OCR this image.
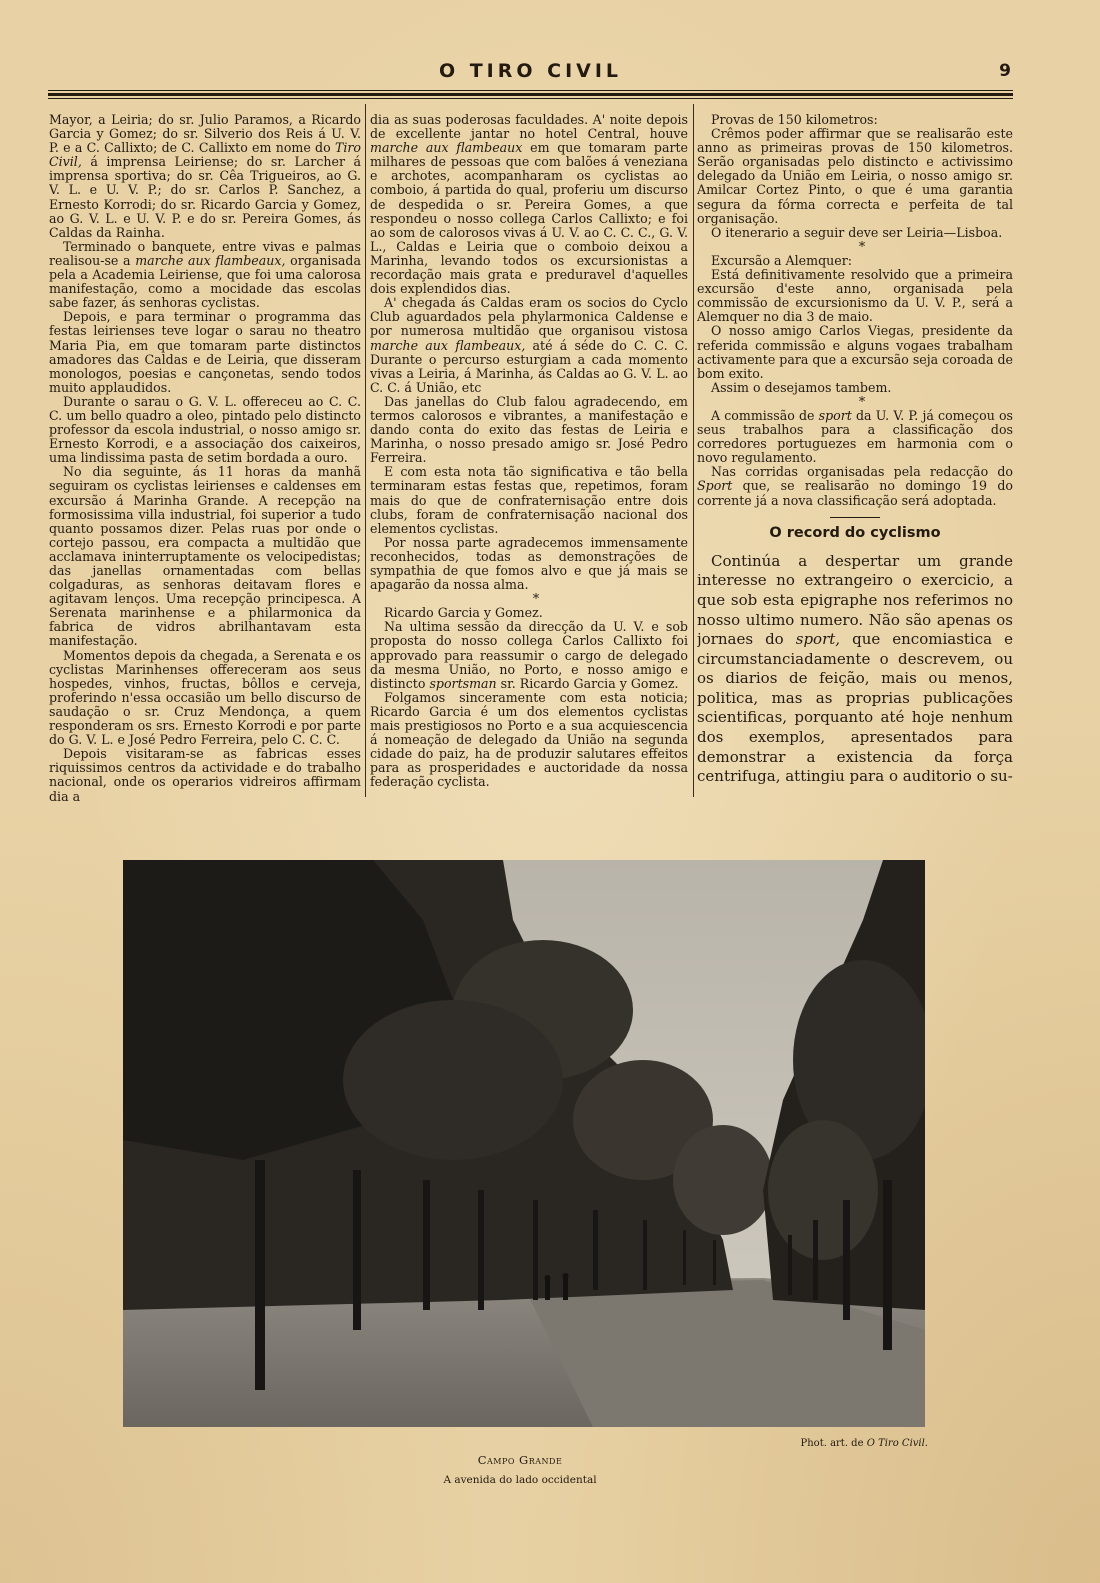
O TIRO CIVIL	9

Mayor, a Leiria; do sr. Julio Paramos, a Ricardo Garcia y Gomez; do sr. Silverio dos Reis á U. V. P. e a C. Callixto; de C. Callixto em nome do Tiro Civil, á imprensa Leiriense; do sr. Larcher á imprensa sportiva; do sr. Cêa Trigueiros, ao G. V. L. e U. V. P.; do sr. Carlos P. Sanchez, a Ernesto Korrodi; do sr. Ricardo Garcia y Gomez, ao G. V. L. e U. V. P. e do sr. Pereira Gomes, ás Caldas da Rainha.

Terminado o banquete, entre vivas e palmas realisou-se a marche aux flambeaux, organisada pela a Academia Leiriense, que foi uma calorosa manifestação, como a mocidade das escolas sabe fazer, ás senhoras cyclistas.

Depois, e para terminar o programma das festas leirienses teve logar o sarau no theatro Maria Pia, em que tomaram parte distinctos amadores das Caldas e de Leiria, que disseram monologos, poesias e cançonetas, sendo todos muito applaudidos.

Durante o sarau o G. V. L. offereceu ao C. C. C. um bello quadro a oleo, pintado pelo distincto professor da escola industrial, o nosso amigo sr. Ernesto Korrodi, e a associação dos caixeiros, uma lindissima pasta de setim bordada a ouro.

No dia seguinte, ás 11 horas da manhã seguiram os cyclistas leirienses e caldenses em excursão á Marinha Grande. A recepção na formosissima villa industrial, foi superior a tudo quanto possamos dizer. Pelas ruas por onde o cortejo passou, era compacta a multidão que acclamava ininterruptamente os velocipedistas; das janellas ornamentadas com bellas colgaduras, as senhoras deitavam flores e agitavam lenços. Uma recepção principesca. A Serenata marinhense e a philarmonica da fabrica de vidros abrilhantavam esta manifestação.

Momentos depois da chegada, a Serenata e os cyclistas Marinhenses offereceram aos seus hospedes, vinhos, fructas, bôllos e cerveja, proferindo n'essa occasião um bello discurso de saudação o sr. Cruz Mendonça, a quem responderam os srs. Ernesto Korrodi e por parte do G. V. L. e José Pedro Ferreira, pelo C. C. C.

Depois visitaram-se as fabricas esses riquissimos centros da actividade e do trabalho nacional, onde os operarios vidreiros affirmam dia a

dia as suas poderosas faculdades. A' noite depois de excellente jantar no hotel Central, houve marche aux flambeaux em que tomaram parte milhares de pessoas que com balões á veneziana e archotes, acompanharam os cyclistas ao comboio, á partida do qual, proferiu um discurso de despedida o sr. Pereira Gomes, a que respondeu o nosso collega Carlos Callixto; e foi ao som de calorosos vivas á U. V. ao C. C. C., G. V. L., Caldas e Leiria que o comboio deixou a Marinha, levando todos os excursionistas a recordação mais grata e preduravel d'aquelles dois explendidos dias.

A' chegada ás Caldas eram os socios do Cyclo Club aguardados pela phylarmonica Caldense e por numerosa multidão que organisou vistosa marche aux flambeaux, até á séde do C. C. C. Durante o percurso esturgiam a cada momento vivas a Leiria, á Marinha, ás Caldas ao G. V. L. ao C. C. á União, etc

Das janellas do Club falou agradecendo, em termos calorosos e vibrantes, a manifestação e dando conta do exito das festas de Leiria e Marinha, o nosso presado amigo sr. José Pedro Ferreira.

E com esta nota tão significativa e tão bella terminaram estas festas que, repetimos, foram mais do que de confraternisação entre dois clubs, foram de confraternisação nacional dos elementos cyclistas.

Por nossa parte agradecemos immensamente reconhecidos, todas as demonstrações de sympathia de que fomos alvo e que já mais se apagarão da nossa alma.

*

Ricardo Garcia y Gomez.

Na ultima sessão da direcção da U. V. e sob proposta do nosso collega Carlos Callixto foi approvado para reassumir o cargo de delegado da mesma União, no Porto, e nosso amigo e distincto sportsman sr. Ricardo Garcia y Gomez.

Folgamos sinceramente com esta noticia; Ricardo Garcia é um dos elementos cyclistas mais prestigiosos no Porto e a sua acquiescencia á nomeação de delegado da União na segunda cidade do paiz, ha de produzir salutares effeitos para as prosperidades e auctoridade da nossa federação cyclista.

Provas de 150 kilometros:

Crêmos poder affirmar que se realisarão este anno as primeiras provas de 150 kilometros. Serão organisadas pelo distincto e activissimo delegado da União em Leiria, o nosso amigo sr. Amilcar Cortez Pinto, o que é uma garantia segura da fórma correcta e perfeita de tal organisação.

O itenerario a seguir deve ser Leiria—Lisboa.

*

Excursão a Alemquer:

Está definitivamente resolvido que a primeira excursão d'este anno, organisada pela commissão de excursionismo da U. V. P., será a Alemquer no dia 3 de maio.

O nosso amigo Carlos Viegas, presidente da referida commissão e alguns vogaes trabalham activamente para que a excursão seja coroada de bom exito.

Assim o desejamos tambem.

*

A commissão de sport da U. V. P. já começou os seus trabalhos para a classificação dos corredores portuguezes em harmonia com o novo regulamento.

Nas corridas organisadas pela redacção do Sport que, se realisarão no domingo 19 do corrente já a nova classificação será adoptada.

O record do cyclismo

Continúa a despertar um grande interesse no extrangeiro o exercicio, a que sob esta epigraphe nos referimos no nosso ultimo numero. Não são apenas os jornaes do sport, que encomiastica e circumstanciadamente o descrevem, ou os diarios de feição, mais ou menos, politica, mas as proprias publicações scientificas, porquanto até hoje nenhum dos exemplos, apresentados para demonstrar a existencia da força centrifuga, attingiu para o auditorio o su-

Phot. art. de O Tiro Civil.
Campo Grande
A avenida do lado occidental
